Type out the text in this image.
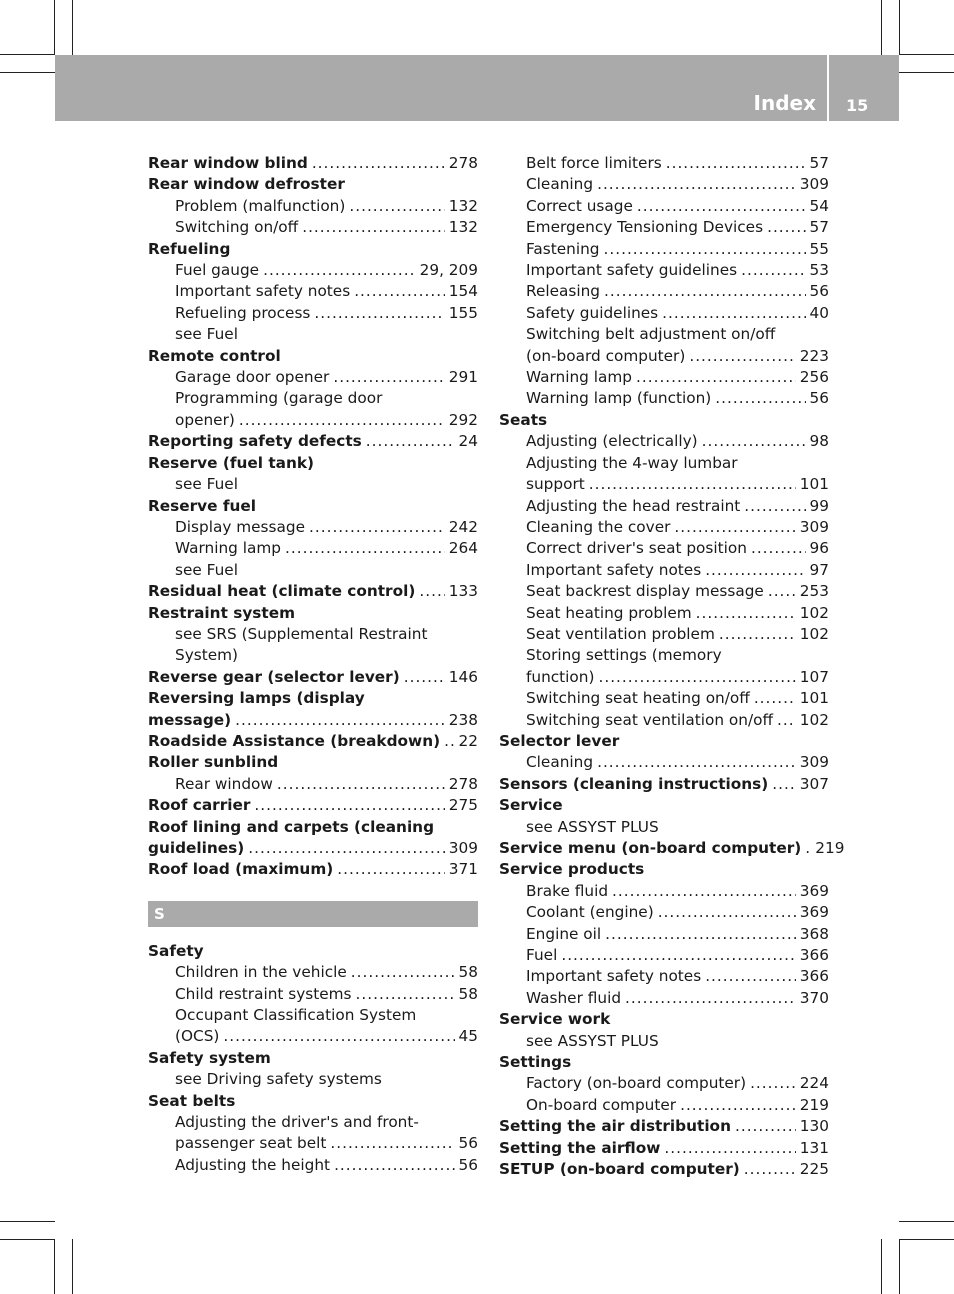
Index 15
Rear window blind .....	278
Rear window defroster
Problem (malfunction) .....	132
Switching on/off .....	132
Refueling
Fuel gauge .....	29, 209
Important safety notes .....	154
Refueling process .....	155
see Fuel
Remote control
Garage door opener .....	291
Programming (garage door
opener) .....	292
Reporting safety defects .....	24
Reserve (fuel tank)
see Fuel
Reserve fuel
Display message .....	242
Warning lamp .....	264
see Fuel
Residual heat (climate control) ..... 133
Restraint system
see SRS (Supplemental Restraint
System)
Reverse gear (selector lever) .....	146
Reversing lamps (display
message) .....	238
Roadside Assistance (breakdown) ..... 22
Roller sunblind
Rear window .....	278
Roof carrier .....	275
Roof lining and carpets (cleaning
guidelines) .....	309
Roof load (maximum) .....	371
S
Safety
Children in the vehicle .....	58
Child restraint systems .....	58
Occupant Classification System
(OCS) .....	45
Safety system
see Driving safety systems
Seat belts
Adjusting the driver's and front-
passenger seat belt .....	56
Adjusting the height .....	56
Belt force limiters .....	57
Cleaning .....	309
Correct usage .....	54
Emergency Tensioning Devices .....	57
Fastening .....	55
Important safety guidelines .....	53
Releasing .....	56
Safety guidelines .....	40
Switching belt adjustment on/off
(on-board computer) .....	223
Warning lamp .....	256
Warning lamp (function) .....	56
Seats
Adjusting (electrically) .....	98
Adjusting the 4-way lumbar
support .....	101
Adjusting the head restraint .....	99
Cleaning the cover .....	309
Correct driver's seat position .....	96
Important safety notes .....	97
Seat backrest display message ..... 253
Seat heating problem .....	102
Seat ventilation problem .....	102
Storing settings (memory
function) .....	107
Switching seat heating on/off .....	101
Switching seat ventilation on/off ..... 102
Selector lever
Cleaning .....	309
Sensors (cleaning instructions) ..... 307
Service
see ASSYST PLUS
Service menu (on-board computer) ..... 219
Service products
Brake fluid .....	369
Coolant (engine) .....	369
Engine oil .....	368
Fuel .....	366
Important safety notes .....	366
Washer fluid .....	370
Service work
see ASSYST PLUS
Settings
Factory (on-board computer) .....	224
On-board computer .....	219
Setting the air distribution .....	130
Setting the airflow .....	131
SETUP (on-board computer) .....	225
